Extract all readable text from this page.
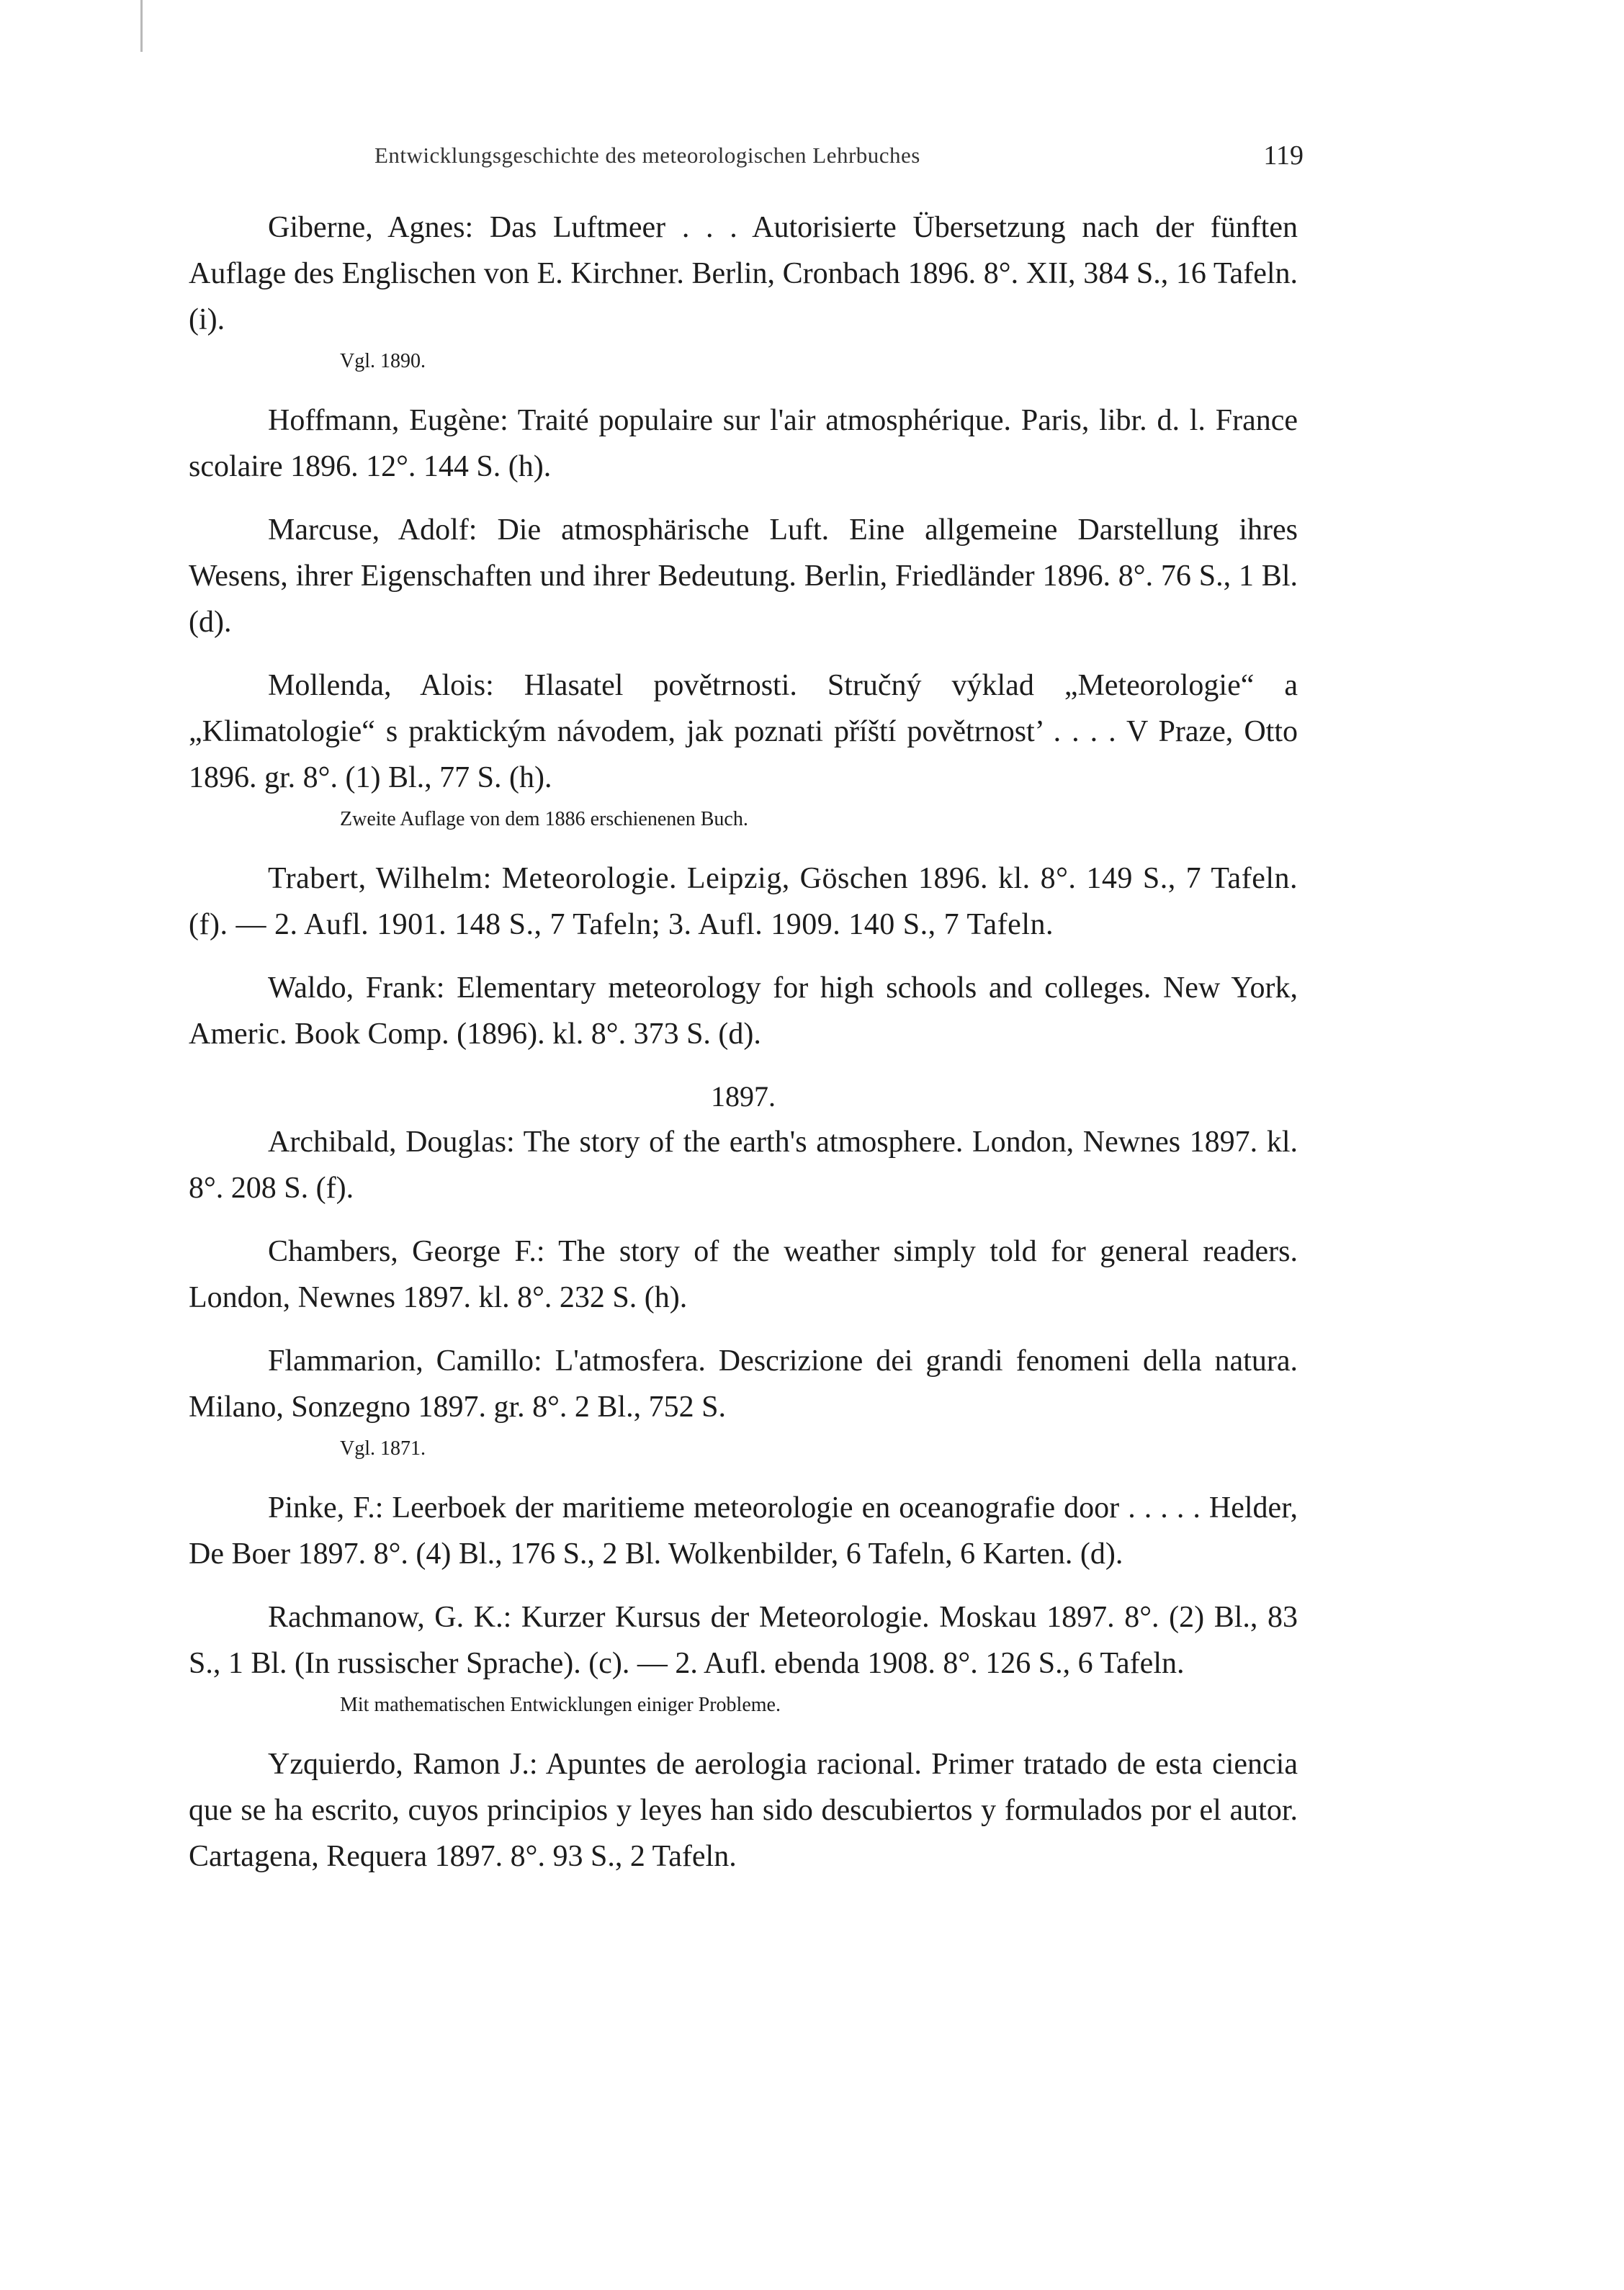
Entwicklungsgeschichte des meteorologischen Lehrbuches	119

Giberne, Agnes: Das Luftmeer . . . Autorisierte Übersetzung nach der fünften Auflage des Englischen von E. Kirchner. Berlin, Cronbach 1896. 8°. XII, 384 S., 16 Tafeln. (i).

Vgl. 1890.

Hoffmann, Eugène: Traité populaire sur l'air atmosphérique. Paris, libr. d. l. France scolaire 1896. 12°. 144 S. (h).

Marcuse, Adolf: Die atmosphärische Luft. Eine allgemeine Darstellung ihres Wesens, ihrer Eigenschaften und ihrer Bedeutung. Berlin, Friedländer 1896. 8°. 76 S., 1 Bl. (d).

Mollenda, Alois: Hlasatel povětrnosti. Stručný výklad „Meteorologie“ a „Klimatologie“ s praktickým návodem, jak poznati příští povětrnost’ . . . . V Praze, Otto 1896. gr. 8°. (1) Bl., 77 S. (h).

Zweite Auflage von dem 1886 erschienenen Buch.

Trabert, Wilhelm: Meteorologie. Leipzig, Göschen 1896. kl. 8°. 149 S., 7 Tafeln. (f). — 2. Aufl. 1901. 148 S., 7 Tafeln; 3. Aufl. 1909. 140 S., 7 Tafeln.

Waldo, Frank: Elementary meteorology for high schools and colleges. New York, Americ. Book Comp. (1896). kl. 8°. 373 S. (d).

1897.

Archibald, Douglas: The story of the earth's atmosphere. London, Newnes 1897. kl. 8°. 208 S. (f).

Chambers, George F.: The story of the weather simply told for general readers. London, Newnes 1897. kl. 8°. 232 S. (h).

Flammarion, Camillo: L'atmosfera. Descrizione dei grandi fenomeni della natura. Milano, Sonzegno 1897. gr. 8°. 2 Bl., 752 S.

Vgl. 1871.

Pinke, F.: Leerboek der maritieme meteorologie en oceanografie door . . . . . Helder, De Boer 1897. 8°. (4) Bl., 176 S., 2 Bl. Wolkenbilder, 6 Tafeln, 6 Karten. (d).

Rachmanow, G. K.: Kurzer Kursus der Meteorologie. Moskau 1897. 8°. (2) Bl., 83 S., 1 Bl. (In russischer Sprache). (c). — 2. Aufl. ebenda 1908. 8°. 126 S., 6 Tafeln.

Mit mathematischen Entwicklungen einiger Probleme.

Yzquierdo, Ramon J.: Apuntes de aerologia racional. Primer tratado de esta ciencia que se ha escrito, cuyos principios y leyes han sido descubiertos y formulados por el autor. Cartagena, Requera 1897. 8°. 93 S., 2 Tafeln.
